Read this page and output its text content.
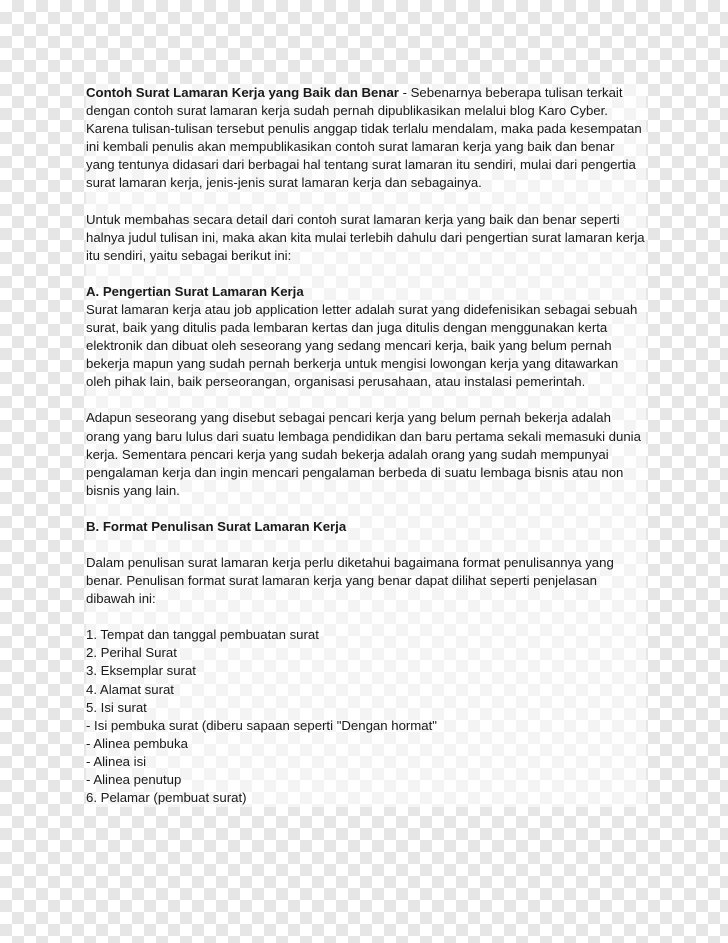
Contoh Surat Lamaran Kerja yang Baik dan Benar - Sebenarnya beberapa tulisan terkait dengan contoh surat lamaran kerja sudah pernah dipublikasikan melalui blog Karo Cyber. Karena tulisan-tulisan tersebut penulis anggap tidak terlalu mendalam, maka pada kesempatan ini kembali penulis akan mempublikasikan contoh surat lamaran kerja yang baik dan benar yang tentunya didasari dari berbagai hal tentang surat lamaran itu sendiri, mulai dari pengertia surat lamaran kerja, jenis-jenis surat lamaran kerja dan sebagainya.

Untuk membahas secara detail dari contoh surat lamaran kerja yang baik dan benar seperti halnya judul tulisan ini, maka akan kita mulai terlebih dahulu dari pengertian surat lamaran kerja itu sendiri, yaitu sebagai berikut ini:

A. Pengertian Surat Lamaran Kerja

Surat lamaran kerja atau job application letter adalah surat yang didefenisikan sebagai sebuah surat, baik yang ditulis pada lembaran kertas dan juga ditulis dengan menggunakan kerta elektronik dan dibuat oleh seseorang yang sedang mencari kerja, baik yang belum pernah bekerja mapun yang sudah pernah berkerja untuk mengisi lowongan kerja yang ditawarkan oleh pihak lain, baik perseorangan, organisasi perusahaan, atau instalasi pemerintah.

Adapun seseorang yang disebut sebagai pencari kerja yang belum pernah bekerja adalah orang yang baru lulus dari suatu lembaga pendidikan dan baru pertama sekali memasuki dunia kerja. Sementara pencari kerja yang sudah bekerja adalah orang yang sudah mempunyai pengalaman kerja dan ingin mencari pengalaman berbeda di suatu lembaga bisnis atau non bisnis yang lain.

B. Format Penulisan Surat Lamaran Kerja

Dalam penulisan surat lamaran kerja perlu diketahui bagaimana format penulisannya yang benar. Penulisan format surat lamaran kerja yang benar dapat dilihat seperti penjelasan dibawah ini:

1. Tempat dan tanggal pembuatan surat
2. Perihal Surat
3. Eksemplar surat
4. Alamat surat
5. Isi surat
- Isi pembuka surat (diberu sapaan seperti "Dengan hormat"
- Alinea pembuka
- Alinea isi
- Alinea penutup
6. Pelamar (pembuat surat)
